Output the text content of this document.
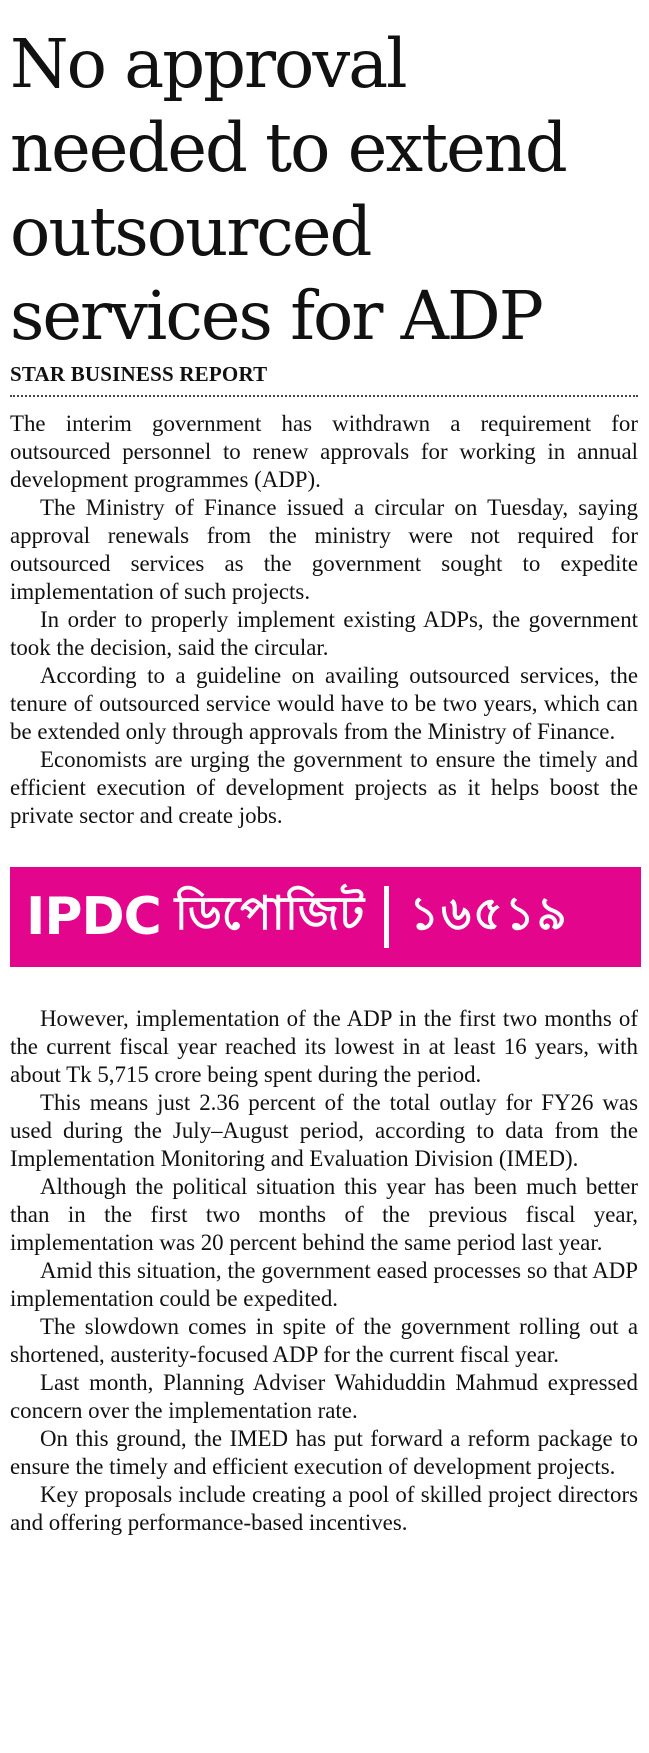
No approval
needed to extend
outsourced
services for ADP
STAR BUSINESS REPORT

The interim government has withdrawn a requirement for outsourced personnel to renew approvals for working in annual development programmes (ADP).

The Ministry of Finance issued a circular on Tuesday, saying approval renewals from the ministry were not required for outsourced services as the government sought to expedite implementation of such projects.

In order to properly implement existing ADPs, the government took the decision, said the circular.

According to a guideline on availing outsourced services, the tenure of outsourced service would have to be two years, which can be extended only through approvals from the Ministry of Finance.

Economists are urging the government to ensure the timely and efficient execution of development projects as it helps boost the private sector and create jobs.

IPDC ডিপোজিট ১৬৫১৯

However, implementation of the ADP in the first two months of the current fiscal year reached its lowest in at least 16 years, with about Tk 5,715 crore being spent during the period.

This means just 2.36 percent of the total outlay for FY26 was used during the July–August period, according to data from the Implementation Monitoring and Evaluation Division (IMED).

Although the political situation this year has been much better than in the first two months of the previous fiscal year, implementation was 20 percent behind the same period last year.

Amid this situation, the government eased processes so that ADP implementation could be expedited.

The slowdown comes in spite of the government rolling out a shortened, austerity-focused ADP for the current fiscal year.

Last month, Planning Adviser Wahiduddin Mahmud expressed concern over the implementation rate.

On this ground, the IMED has put forward a reform package to ensure the timely and efficient execution of development projects.

Key proposals include creating a pool of skilled project directors and offering performance-based incentives.
